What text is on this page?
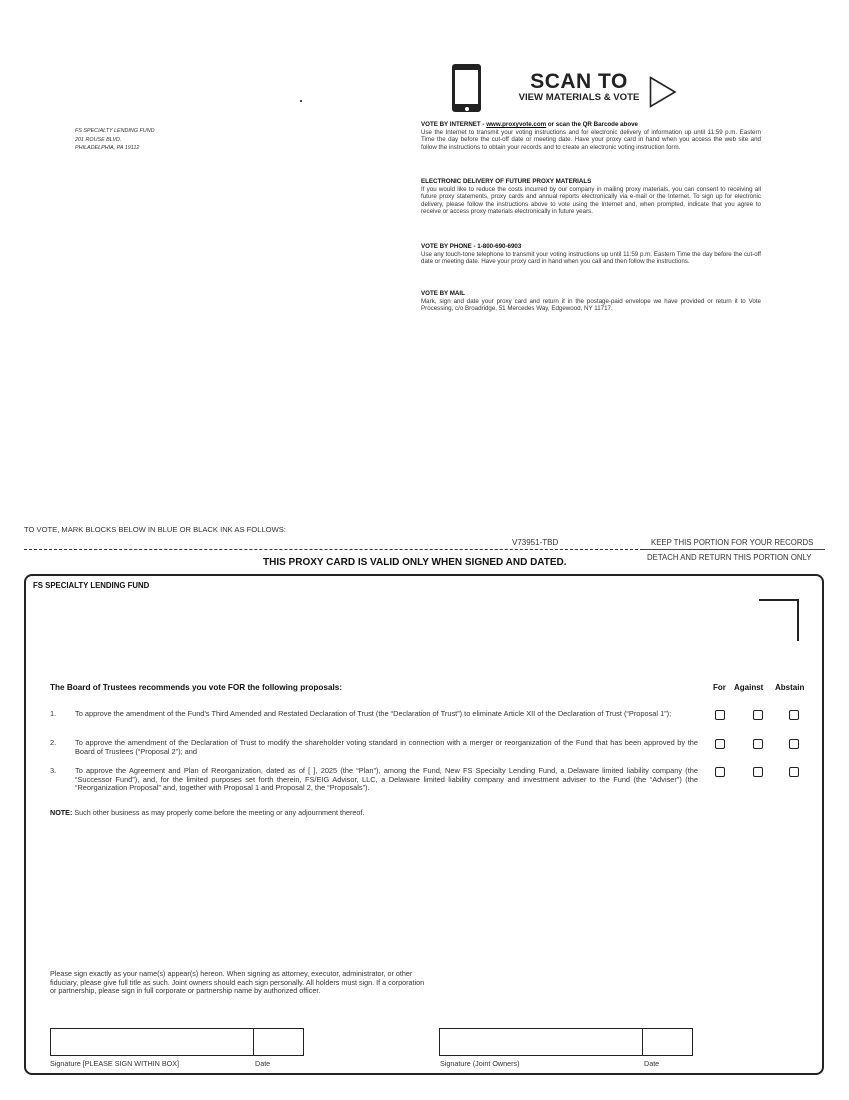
FS SPECIALTY LENDING FUND
201 ROUSE BLVD.
PHILADELPHIA, PA 19112
SCAN TO
VIEW MATERIALS & VOTE
VOTE BY INTERNET - www.proxyvote.com or scan the QR Barcode above
Use the Internet to transmit your voting instructions and for electronic delivery of information up until 11:59 p.m. Eastern Time the day before the cut-off date or meeting date. Have your proxy card in hand when you access the web site and follow the instructions to obtain your records and to create an electronic voting instruction form.
ELECTRONIC DELIVERY OF FUTURE PROXY MATERIALS
If you would like to reduce the costs incurred by our company in mailing proxy materials, you can consent to receiving all future proxy statements, proxy cards and annual reports electronically via e-mail or the Internet. To sign up for electronic delivery, please follow the instructions above to vote using the Internet and, when prompted, indicate that you agree to receive or access proxy materials electronically in future years.
VOTE BY PHONE - 1-800-690-6903
Use any touch-tone telephone to transmit your voting instructions up until 11:59 p.m. Eastern Time the day before the cut-off date or meeting date. Have your proxy card in hand when you call and then follow the instructions.
VOTE BY MAIL
Mark, sign and date your proxy card and return it in the postage-paid envelope we have provided or return it to Vote Processing, c/o Broadridge, 51 Mercedes Way, Edgewood, NY 11717.
TO VOTE, MARK BLOCKS BELOW IN BLUE OR BLACK INK AS FOLLOWS:
V73951-TBD	KEEP THIS PORTION FOR YOUR RECORDS
THIS PROXY CARD IS VALID ONLY WHEN SIGNED AND DATED.	DETACH AND RETURN THIS PORTION ONLY
FS SPECIALTY LENDING FUND
The Board of Trustees recommends you vote FOR the following proposals:	For Against Abstain
1.	To approve the amendment of the Fund’s Third Amended and Restated Declaration of Trust (the “Declaration of Trust”) to eliminate Article XII of the Declaration of Trust (“Proposal 1”);
2.	To approve the amendment of the Declaration of Trust to modify the shareholder voting standard in connection with a merger or reorganization of the Fund that has been approved by the Board of Trustees (“Proposal 2”); and
3.	To approve the Agreement and Plan of Reorganization, dated as of [ ], 2025 (the “Plan”), among the Fund, New FS Specialty Lending Fund, a Delaware limited liability company (the “Successor Fund”), and, for the limited purposes set forth therein, FS/EIG Advisor, LLC, a Delaware limited liability company and investment adviser to the Fund (the “Adviser”) (the “Reorganization Proposal” and, together with Proposal 1 and Proposal 2, the “Proposals”).
NOTE: Such other business as may properly come before the meeting or any adjournment thereof.
Please sign exactly as your name(s) appear(s) hereon. When signing as attorney, executor, administrator, or other fiduciary, please give full title as such. Joint owners should each sign personally. All holders must sign. If a corporation or partnership, please sign in full corporate or partnership name by authorized officer.
Signature [PLEASE SIGN WITHIN BOX]	Date	Signature (Joint Owners)	Date
